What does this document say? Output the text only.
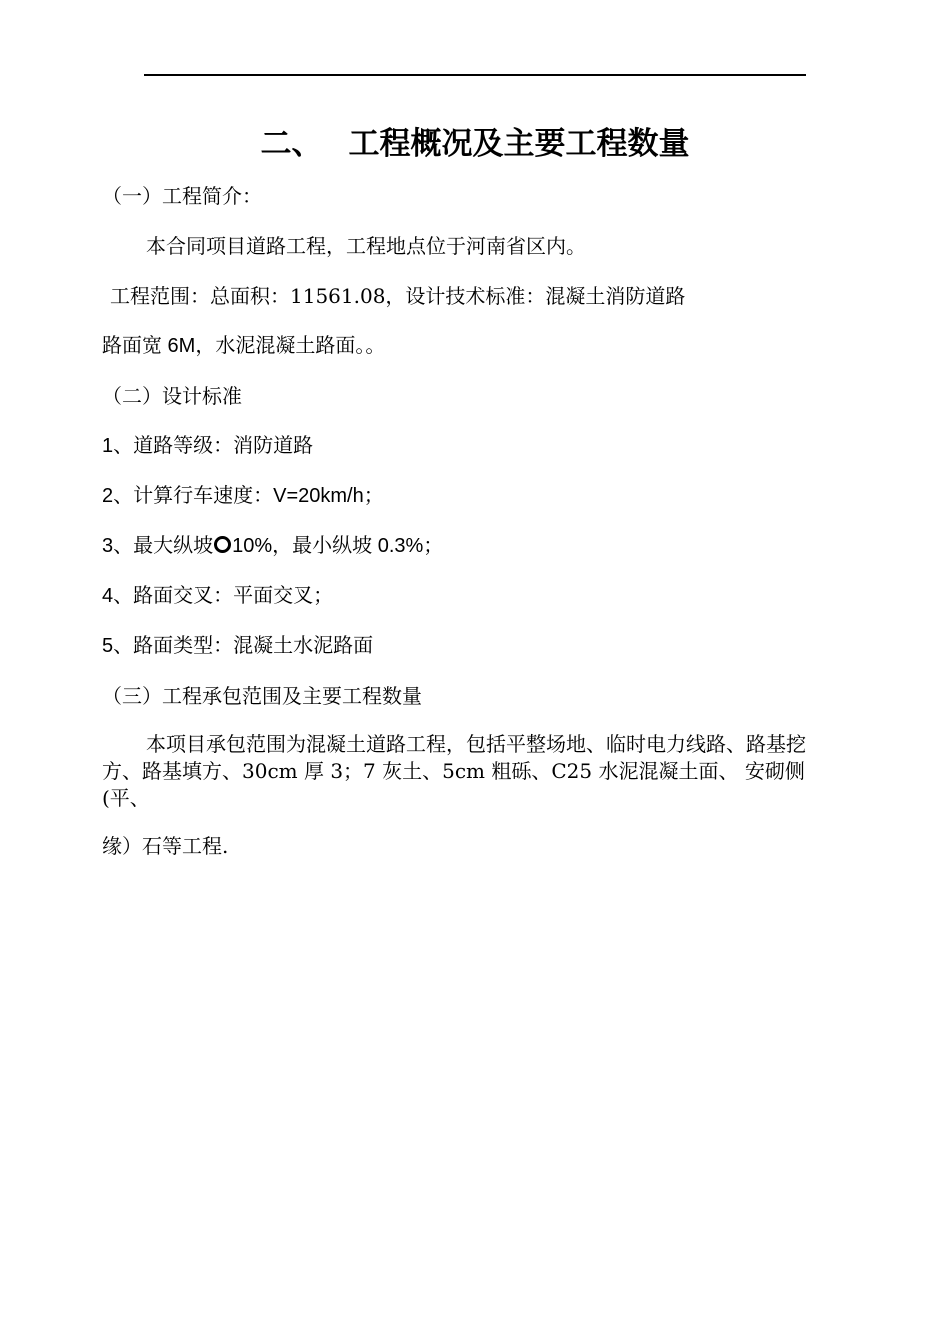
二、 工程概况及主要工程数量
（一）工程简介：
本合同项目道路工程，工程地点位于河南省区内。
工程范围：总面积：11561.08，设计技术标准：混凝土消防道路
路面宽 6M，水泥混凝土路面。。
（二）设计标准
1、道路等级：消防道路
2、计算行车速度：V=20km/h；
3、最大纵坡 10%，最小纵坡 0.3%；
4、路面交叉：平面交叉；
5、路面类型：混凝土水泥路面
（三）工程承包范围及主要工程数量
本项目承包范围为混凝土道路工程，包括平整场地、临时电力线路、路基挖方、路基填方、30cm 厚 3；7 灰土、5cm 粗砾、C25 水泥混凝土面、 安砌侧 (平、
缘）石等工程.
